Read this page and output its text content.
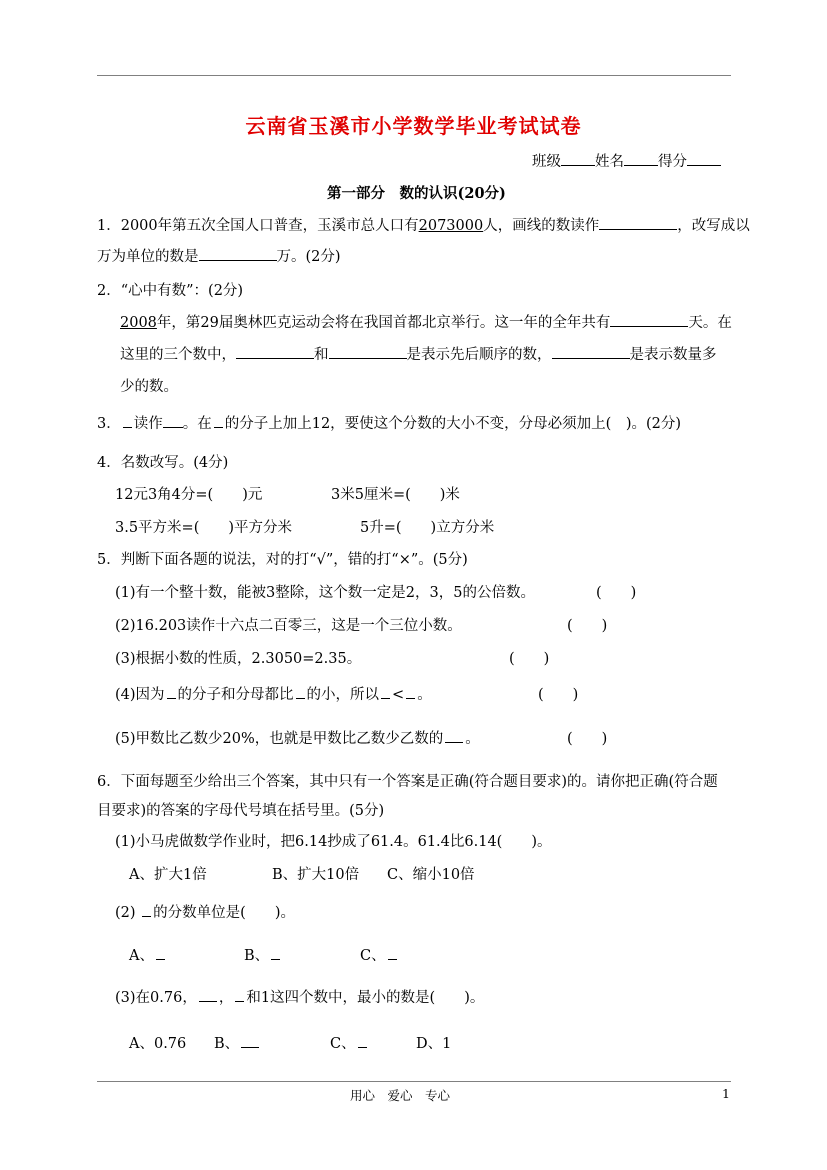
云南省玉溪市小学数学毕业考试试卷
班级 姓名 得分
第一部分　数的认识(20分)
1．2000年第五次全国人口普查，玉溪市总人口有2073000人，画线的数读作	，改写成以
万为单位的数是	万。(2分)
2．“心中有数”：(2分)
2008年，第29届奥林匹克运动会将在我国首都北京举行。这一年的全年共有	天。在
这里的三个数中，	和	是表示先后顺序的数，	是表示数量多
少的数。
3． 读作 。在 的分子上加上12，要使这个分数的大小不变，分母必须加上(　)。(2分)
4．名数改写。(4分)
12元3角4分=(　　)元	3米5厘米=(　　)米
3.5平方米=(　　)平方分米	5升=(　　)立方分米
5．判断下面各题的说法，对的打“√”，错的打“×”。(5分)
(1)有一个整十数，能被3整除，这个数一定是2，3，5的公倍数。	(　　)
(2)16.203读作十六点二百零三，这是一个三位小数。	(　　)
(3)根据小数的性质，2.3050=2.35。	(　　)
(4)因为 的分子和分母都比 的小，所以 < 。	(　　)
(5)甲数比乙数少20%，也就是甲数比乙数少乙数的 。	(　　)
6．下面每题至少给出三个答案，其中只有一个答案是正确(符合题目要求)的。请你把正确(符合题
目要求)的答案的字母代号填在括号里。(5分)
(1)小马虎做数学作业时，把6.14抄成了61.4。61.4比6.14(　　)。
A、扩大1倍	B、扩大10倍 C、缩小10倍
(2) 的分数单位是(　　)。
A、	B、	C、
(3)在0.76， ， 和1这四个数中，最小的数是(　　)。
A、0.76 B、	C、	D、1
用心　爱心　专心	1
